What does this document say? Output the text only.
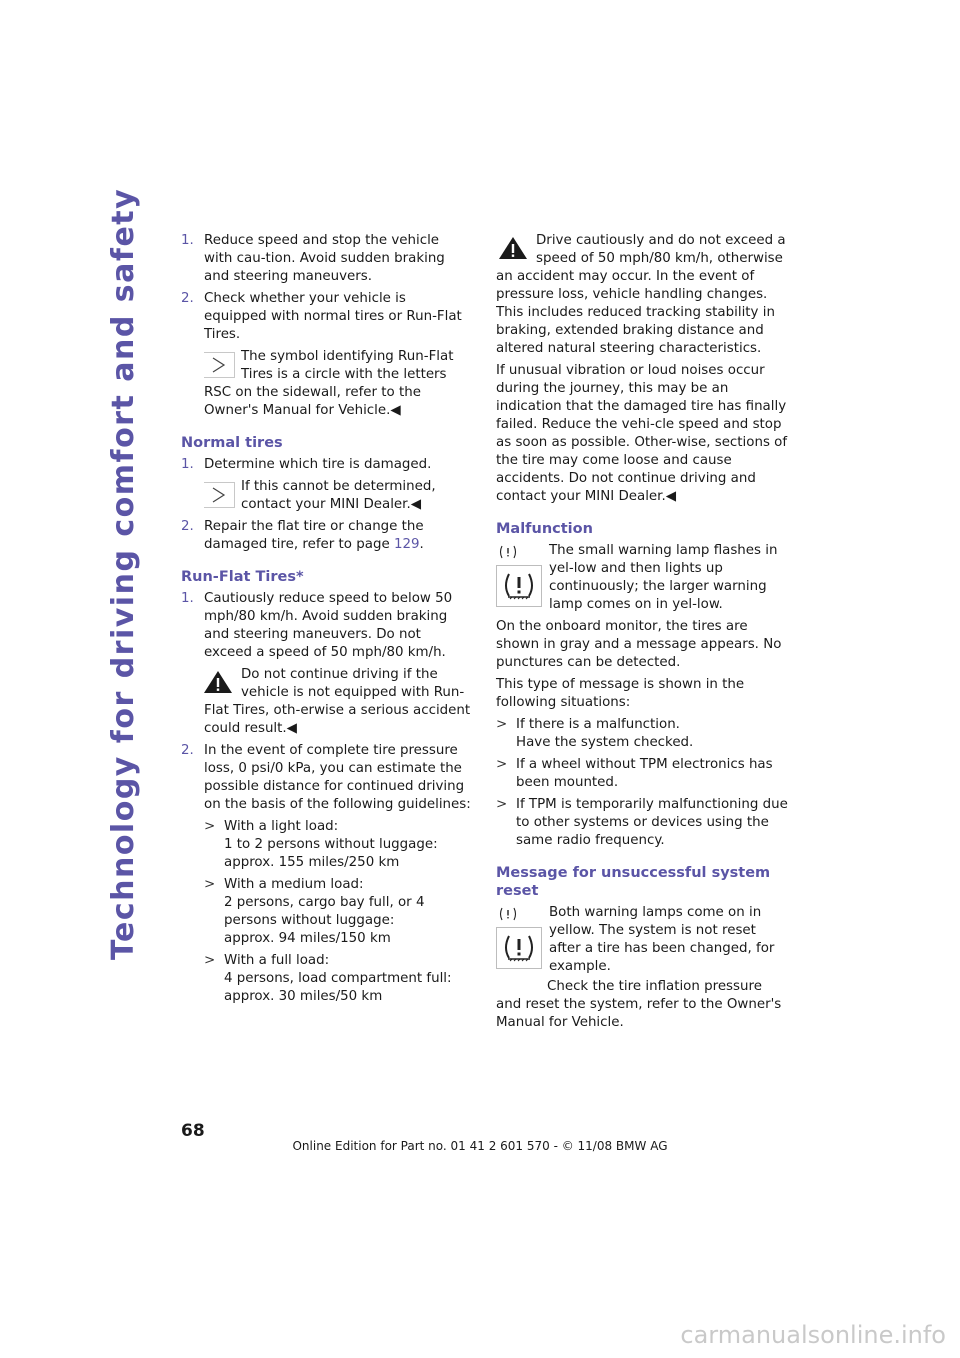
Technology for driving comfort and safety	1. Reduce speed and stop the vehicle with cau-tion. Avoid sudden braking and steering maneuvers.
2. Check whether your vehicle is equipped with normal tires or Run-Flat Tires.
The symbol identifying Run-Flat Tires is a circle with the letters RSC on the sidewall, refer to the Owner's Manual for Vehicle.◀
Normal tires
1. Determine which tire is damaged.
If this cannot be determined, contact your MINI Dealer.◀
2. Repair the flat tire or change the damaged tire, refer to page 129.
Run-Flat Tires*
1. Cautiously reduce speed to below 50 mph/80 km/h. Avoid sudden braking and steering maneuvers. Do not exceed a speed of 50 mph/80 km/h.
Do not continue driving if the vehicle is not equipped with Run-Flat Tires, oth-erwise a serious accident could result.◀
2. In the event of complete tire pressure loss, 0 psi/0 kPa, you can estimate the possible distance for continued driving on the basis of the following guidelines:
> With a light load:
1 to 2 persons without luggage:
approx. 155 miles/250 km
> With a medium load:
2 persons, cargo bay full, or 4 persons without luggage:
approx. 94 miles/150 km
> With a full load:
4 persons, load compartment full:
approx. 30 miles/50 km
Drive cautiously and do not exceed a speed of 50 mph/80 km/h, otherwise an accident may occur. In the event of pressure loss, vehicle handling changes. This includes reduced tracking stability in braking, extended braking distance and altered natural steering characteristics.

If unusual vibration or loud noises occur during the journey, this may be an indication that the damaged tire has finally failed. Reduce the vehi-cle speed and stop as soon as possible. Other-wise, sections of the tire may come loose and cause accidents. Do not continue driving and contact your MINI Dealer.◀

Malfunction
The small warning lamp flashes in yel-low and then lights up continuously; the larger warning lamp comes on in yel-low.

On the onboard monitor, the tires are shown in gray and a message appears. No punctures can be detected.

This type of message is shown in the following situations:

> If there is a malfunction.
Have the system checked.
> If a wheel without TPM electronics has been mounted.
> If TPM is temporarily malfunctioning due to other systems or devices using the same radio frequency.
Message for unsuccessful system reset
Both warning lamps come on in yellow. The system is not reset after a tire has been changed, for example.

Check the tire inflation pressure and reset the system, refer to the Owner's Manual for Vehicle.

68
Online Edition for Part no. 01 41 2 601 570 - © 11/08 BMW AG
carmanualsonline.info
